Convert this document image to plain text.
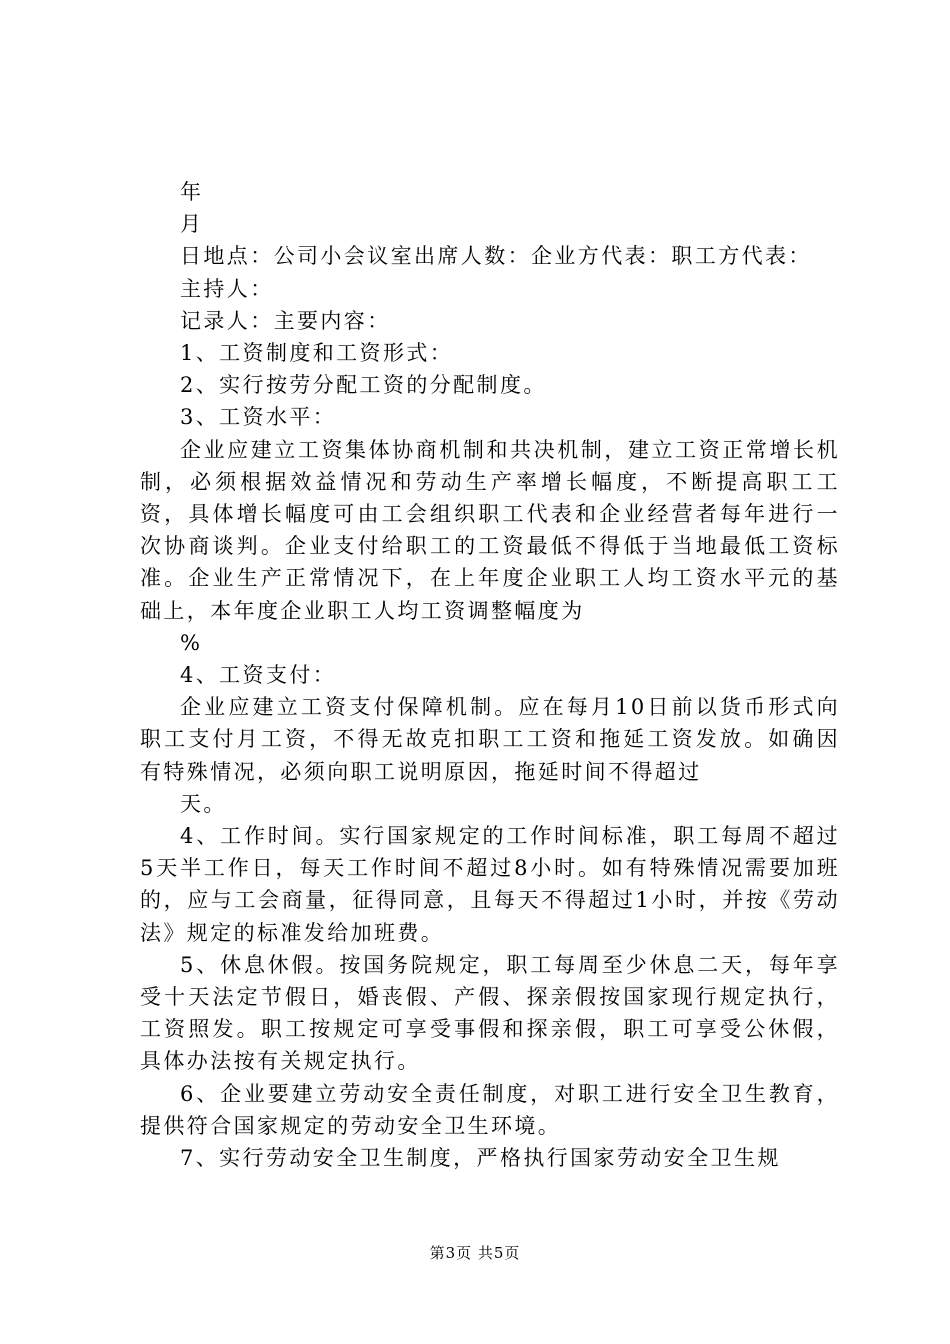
年

月

日地点：公司小会议室出席人数：企业方代表：职工方代表：

主持人：

记录人：主要内容：

1、工资制度和工资形式：

2、实行按劳分配工资的分配制度。

3、工资水平：

企业应建立工资集体协商机制和共决机制，建立工资正常增长机制，必须根据效益情况和劳动生产率增长幅度，不断提高职工工资，具体增长幅度可由工会组织职工代表和企业经营者每年进行一次协商谈判。企业支付给职工的工资最低不得低于当地最低工资标准。企业生产正常情况下，在上年度企业职工人均工资水平元的基础上，本年度企业职工人均工资调整幅度为

%

4、工资支付：

企业应建立工资支付保障机制。应在每月10日前以货币形式向职工支付月工资，不得无故克扣职工工资和拖延工资发放。如确因有特殊情况，必须向职工说明原因，拖延时间不得超过

天。

4、工作时间。实行国家规定的工作时间标准，职工每周不超过5天半工作日，每天工作时间不超过8小时。如有特殊情况需要加班的，应与工会商量，征得同意，且每天不得超过1小时，并按《劳动法》规定的标准发给加班费。

5、休息休假。按国务院规定，职工每周至少休息二天，每年享受十天法定节假日，婚丧假、产假、探亲假按国家现行规定执行，工资照发。职工按规定可享受事假和探亲假，职工可享受公休假，具体办法按有关规定执行。

6、企业要建立劳动安全责任制度，对职工进行安全卫生教育，提供符合国家规定的劳动安全卫生环境。

7、实行劳动安全卫生制度，严格执行国家劳动安全卫生规

第3页 共5页
